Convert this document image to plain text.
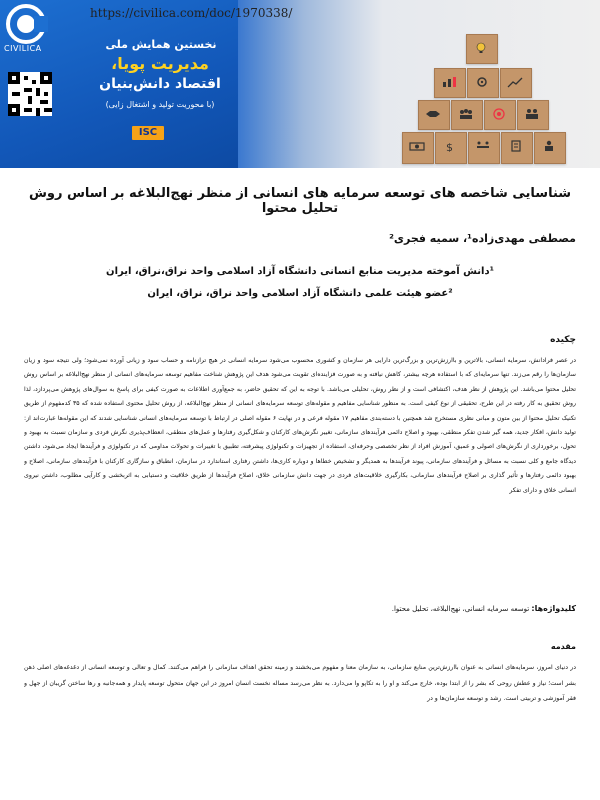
$
CIVILICA
https://civilica.com/doc/1970338/
نخستین همایش ملی
مدیریت پویا،
اقتصاد دانش‌بنیان
(با محوریت تولید و اشتغال زایی)
ISC
شناسایی شاخصه های توسعه سرمایه های انسانی از منظر نهج‌البلاغه بر اساس روش تحلیل محتوا
مصطفی مهدی‌زاده¹، سمیه فجری²
¹دانش آموخته مدیریت منابع انسانی دانشگاه آزاد اسلامی واحد نراق،نراق، ایران
²عضو هیئت علمی دانشگاه آزاد اسلامی واحد نراق، نراق، ایران
چکیده
در عصر فرادانش، سرمایه انسانی، بالاترین و باارزش‌ترین و بزرگ‌ترین دارایی هر سازمان و کشوری محسوب می‌شود سرمایه انسانی در هیچ ترازنامه و حساب سود و زیانی آورده نمی‌شود؛ ولی نتیجه سود و زیان سازمان‌ها را رقم می‌زند. تنها سرمایه‌ای که با استفاده هرچه بیشتر، کاهش نیافته و به صورت فزاینده‌ای تقویت می‌شود هدف این پژوهش شناخت مفاهیم توسعه سرمایه‌های انسانی از منظر نهج‌البلاغه بر اساس روش تحلیل محتوا می‌باشد. این پژوهش از نظر هدف، اکتشافی است و از نظر روش، تحلیلی می‌باشد. با توجه به این که تحقیق حاضر، به جمع‌آوری اطلاعات به صورت کیفی برای پاسخ به سوال‌های پژوهش می‌پردازد، لذا روش تحقیق به کار رفته در این طرح، تحقیقی از نوع کیفی است. به منظور شناسایی مفاهیم و مقوله‌های توسعه سرمایه‌های انسانی از منظر نهج‌البلاغه، از روش تحلیل محتوی استفاده شده که ۳۵ کدمفهوم از طریق تکنیک تحلیل محتوا از بین متون و مبانی نظری مستخرج شد همچنین با دسته‌بندی مفاهیم ۱۷ مقوله فرعی و در نهایت ۶ مقوله اصلی در ارتباط با توسعه سرمایه‌های انسانی شناسایی شدند که این مقوله‌ها عبارت‌اند از: تولید دانش، افکار جدید، همه گیر شدن تفکر منطقی، بهبود و اصلاح دائمی فرآیندهای سازمانی، تغییر نگرش‌های کارکنان و شکل‌گیری رفتارها و عمل‌های منطقی، انعطاف‌پذیری نگرش فردی و سازمان نسبت به بهبود و تحول، برخورداری از نگرش‌های اصولی و عمیق، آموزش افراد از نظر تخصصی وحرفه‌ای، استفاده از تجهیزات و تکنولوژی پیشرفته، تطبیق با تغییرات و تحولات مداومی که در تکنولوژی و فرآیندها ایجاد می‌شود، داشتن دیدگاه جامع و کلی نسبت به مسائل و فرآیندهای سازمانی، پیوند فرآیندها به همدیگر و تشخیص خطاها و دوباره کاری‌ها، داشتن رفتاری استاندارد در سازمان، انطباق و سازگاری کارکنان با فرآیندهای سازمانی، اصلاح و بهبود دائمی رفتارها و تأثیر گذاری بر اصلاح فرآیندهای سازمانی، بکارگیری خلاقیت‌های فردی در جهت دانش سازمانی خلاق، اصلاح فرآیندها از طریق خلاقیت و دستیابی به اثربخشی و کارآیی مطلوب، داشتن نیروی انسانی خلاق و دارای تفکر
کلیدواژه‌ها: توسعه سرمایه انسانی، نهج‌البلاغه، تحلیل محتوا.
مقدمه
در دنیای امروز، سرمایه‌های انسانی به عنوان باارزش‌ترین منابع سازمانی، به سازمان معنا و مفهوم می‌بخشند و زمینه تحقق اهداف سازمانی را فراهم می‌کنند. کمال و تعالی و توسعه انسانی از دغدغه‌های اصلی ذهن بشر است؛ نیاز و عطش روحی که بشر را از ابتدا بوده، خارج می‌کند و او را به تکاپو وا می‌دارد. به نظر می‌رسد مساله نخست انسان امروز در این جهان متحول توسعه پایدار و همه‌جانبه و رها ساختن گریبان از جهل و فقر آموزشی و تربیتی است. رشد و توسعه سازمان‌ها و در
